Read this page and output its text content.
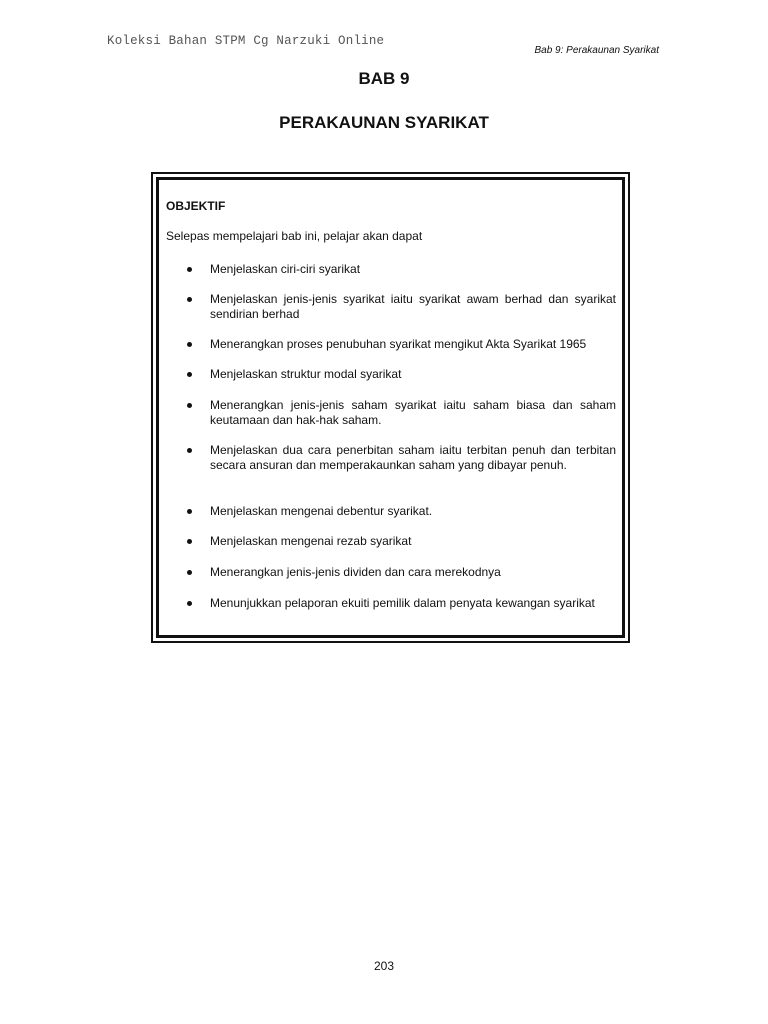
Koleksi Bahan STPM Cg Narzuki Online
Bab 9: Perakaunan Syarikat
BAB 9
PERAKAUNAN SYARIKAT
OBJEKTIF
Selepas mempelajari bab ini, pelajar akan dapat
Menjelaskan ciri-ciri syarikat
Menjelaskan jenis-jenis syarikat iaitu syarikat awam berhad dan syarikat sendirian berhad
Menerangkan proses penubuhan syarikat mengikut Akta Syarikat 1965
Menjelaskan struktur modal syarikat
Menerangkan jenis-jenis saham syarikat iaitu saham biasa dan saham keutamaan dan hak-hak saham.
Menjelaskan dua cara penerbitan saham iaitu terbitan penuh dan terbitan secara ansuran dan memperakaunkan saham yang dibayar penuh.
Menjelaskan mengenai debentur syarikat.
Menjelaskan mengenai rezab syarikat
Menerangkan jenis-jenis dividen dan cara merekodnya
Menunjukkan pelaporan ekuiti pemilik dalam penyata kewangan syarikat
203
